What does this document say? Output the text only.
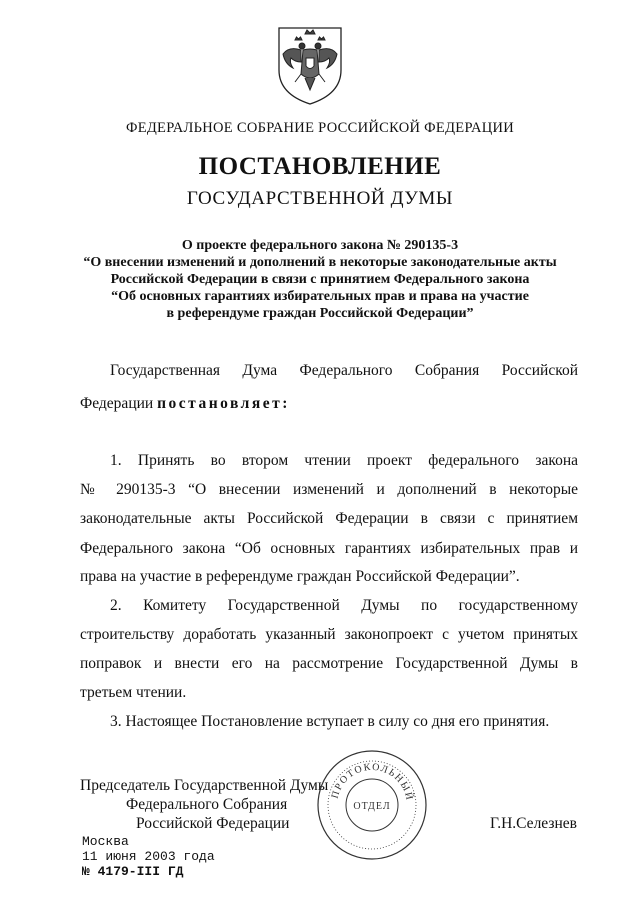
ФЕДЕРАЛЬНОЕ СОБРАНИЕ РОССИЙСКОЙ ФЕДЕРАЦИИ
ПОСТАНОВЛЕНИЕ
ГОСУДАРСТВЕННОЙ ДУМЫ
О проекте федерального закона № 290135-3
“О внесении изменений и дополнений в некоторые законодательные акты
Российской Федерации в связи с принятием Федерального закона
“Об основных гарантиях избирательных прав и права на участие
в референдуме граждан Российской Федерации”
Государственная Дума Федерального Собрания Российской
Федерации постановляет:
1. Принять во втором чтении проект федерального закона
№ 290135-3 “О внесении изменений и дополнений в некоторые
законодательные акты Российской Федерации в связи с принятием
Федерального закона “Об основных гарантиях избирательных прав и
права на участие в референдуме граждан Российской Федерации”.
2. Комитету Государственной Думы по государственному
строительству доработать указанный законопроект с учетом принятых
поправок и внести его на рассмотрение Государственной Думы в
третьем чтении.
3. Настоящее Постановление вступает в силу со дня его принятия.
Председатель Государственной Думы
Федерального Собрания
Российской Федерации	Г.Н.Селезнев
ПРОТОКОЛЬНЫЙ
ОТДЕЛ
Москва
11 июня 2003 года
№ 4179-III ГД
